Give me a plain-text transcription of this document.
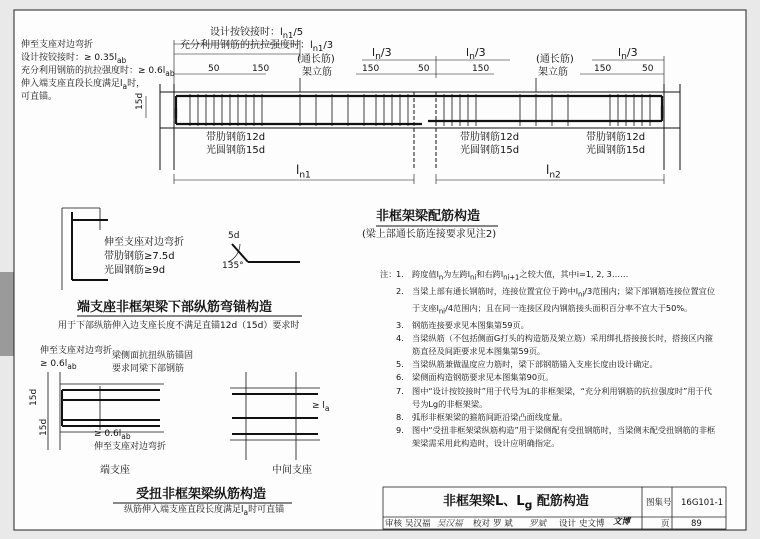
伸至支座对边弯折
设计按铰接时：≥ $0.35l_{ab}$
充分利用钢筋的抗拉强度时：≥ $0.6l_{ab}$
伸入端支座直段长度满足$l_a$时，
可直锚。
设计按铰接时：$l_{n1}/5$
充分利用钢筋的抗拉强度时：$l_{n1}/3$
$l_n/3$	$l_n/3$	$l_n/3$
50	150	150	50	150	150	50
(通长筋)
架立筋
(通长筋)
架立筋
15d
带肋钢筋12d
光圆钢筋15d
带肋钢筋12d
光圆钢筋15d
带肋钢筋12d
光圆钢筋15d
$l_{n1}$	$l_{n2}$
非框架梁配筋构造
(梁上部通长筋连接要求见注2)
5d
135°
伸至支座对边弯折
带肋钢筋≥7.5d
光圆钢筋≥9d
端支座非框架梁下部纵筋弯锚构造
用于下部纵筋伸入边支座长度不满足直锚12d（15d）要求时
伸至支座对边弯折
≥ $0.6l_{ab}$
梁侧面抗扭纵筋锚固
要求同梁下部钢筋
15d
15d	≥ $0.6l_{ab}$
伸至支座对边弯折
≥ $l_a$
端支座	中间支座
受扭非框架梁纵筋构造
纵筋伸入端支座直段长度满足$l_a$时可直锚
注： 1. 跨度值$l_n$为左跨$l_{ni}$和右跨$l_{ni+1}$之较大值，其中i=1, 2, 3……

2. 当梁上部有通长钢筋时，连接位置宜位于跨中$l_{ni}/3$范围内；梁下部钢筋连接位置宜位于支座$l_{ni}/4$范围内；且在同一连接区段内钢筋接头面积百分率不宜大于50%。

3. 钢筋连接要求见本图集第59页。

4. 当梁纵筋（不包括侧面G打头的构造筋及架立筋）采用绑扎搭接接长时，搭接区内箍筋直径及间距要求见本图集第59页。

5. 当梁纵筋兼做温度应力筋时，梁下部钢筋锚入支座长度由设计确定。

6. 梁侧面构造钢筋要求见本图集第90页。

7. 图中“设计按铰接时”用于代号为L的非框架梁，“充分利用钢筋的抗拉强度时”用于代号为Lg的非框架梁。

8. 弧形非框架梁的箍筋间距沿梁凸面线度量。

9. 图中“受扭非框架梁纵筋构造”用于梁侧配有受扭钢筋时，当梁侧未配受扭钢筋的非框架梁需采用此构造时，设计应明确指定。

非框架梁L、$L_g$ 配筋构造	图集号 16G101-1
审核 吴汉福 吴汉福 校对 罗 斌 罗斌 设计 史文博 文博	页	89
